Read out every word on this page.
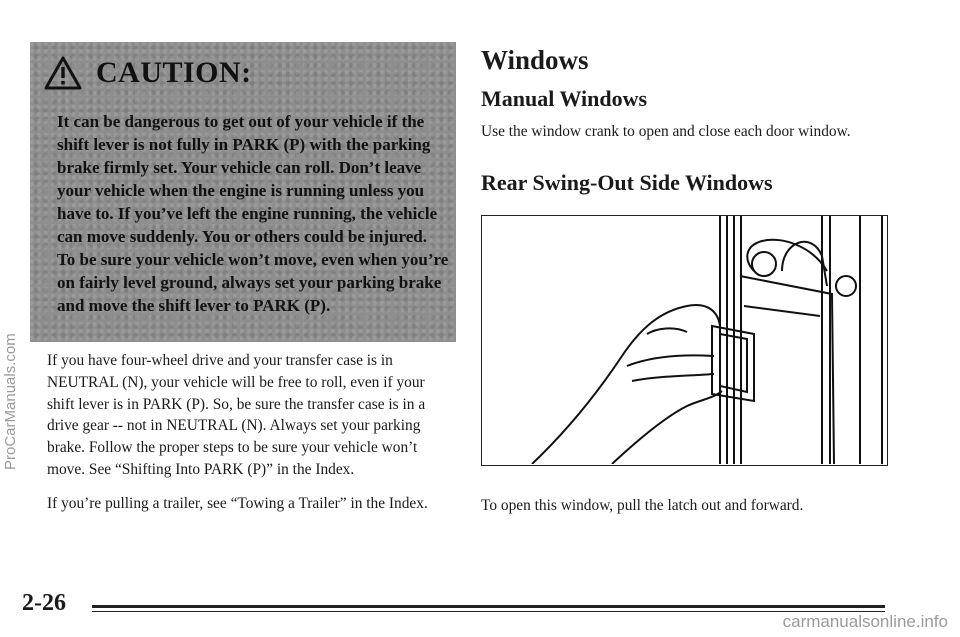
CAUTION:

It can be dangerous to get out of your vehicle if the shift lever is not fully in PARK (P) with the parking brake firmly set. Your vehicle can roll. Don’t leave your vehicle when the engine is running unless you have to. If you’ve left the engine running, the vehicle can move suddenly. You or others could be injured. To be sure your vehicle won’t move, even when you’re on fairly level ground, always set your parking brake and move the shift lever to PARK (P).

If you have four-wheel drive and your transfer case is in NEUTRAL (N), your vehicle will be free to roll, even if your shift lever is in PARK (P). So, be sure the transfer case is in a drive gear -- not in NEUTRAL (N). Always set your parking brake. Follow the proper steps to be sure your vehicle won’t move. See “Shifting Into PARK (P)” in the Index.

If you’re pulling a trailer, see “Towing a Trailer” in the Index.

Windows
Manual Windows

Use the window crank to open and close each door window.

Rear Swing-Out Side Windows

To open this window, pull the latch out and forward.

2-26
ProCarManuals.com
carmanualsonline.info
